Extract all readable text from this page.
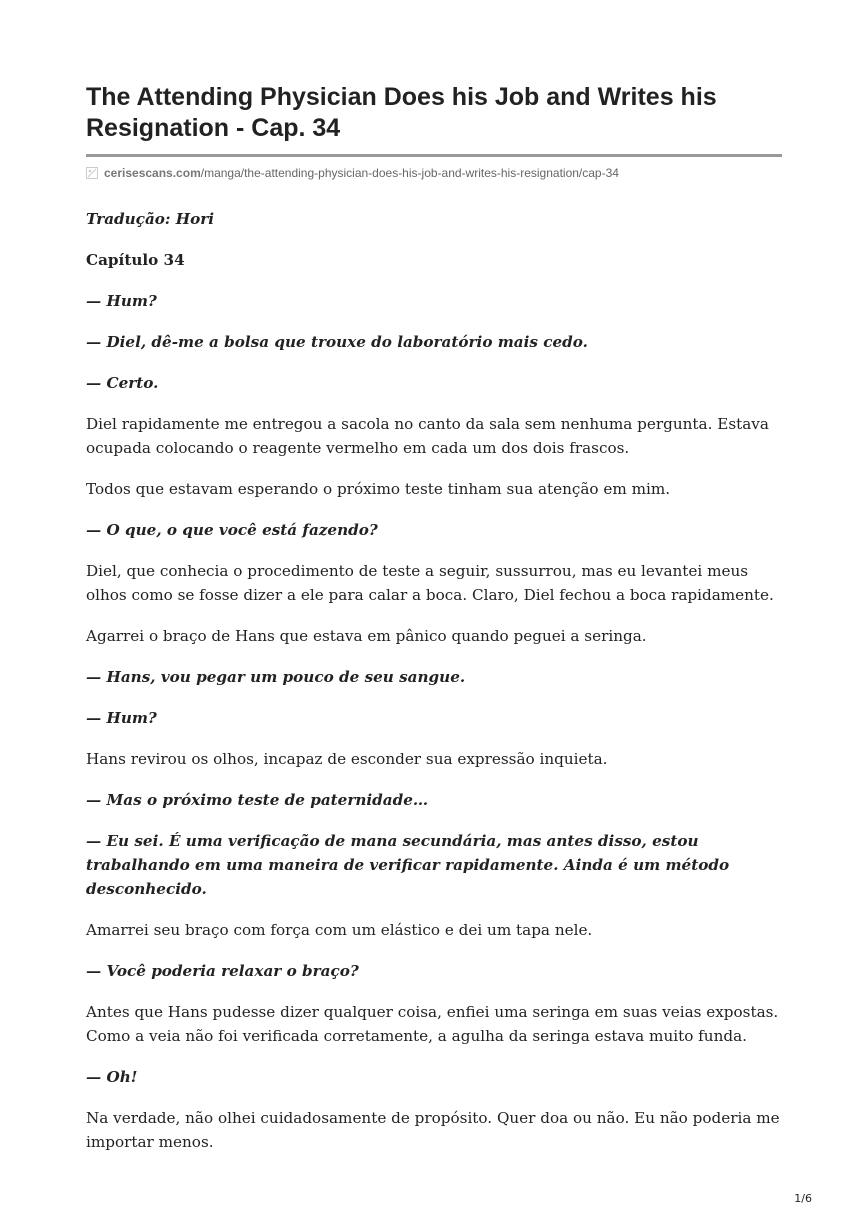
The Attending Physician Does his Job and Writes his Resignation - Cap. 34
cerisescans.com /manga/the-attending-physician-does-his-job-and-writes-his-resignation/cap-34

Tradução: Hori

Capítulo 34

— Hum?

— Diel, dê-me a bolsa que trouxe do laboratório mais cedo.

— Certo.

Diel rapidamente me entregou a sacola no canto da sala sem nenhuma pergunta. Estava ocupada colocando o reagente vermelho em cada um dos dois frascos.

Todos que estavam esperando o próximo teste tinham sua atenção em mim.

— O que, o que você está fazendo?

Diel, que conhecia o procedimento de teste a seguir, sussurrou, mas eu levantei meus olhos como se fosse dizer a ele para calar a boca. Claro, Diel fechou a boca rapidamente.

Agarrei o braço de Hans que estava em pânico quando peguei a seringa.

— Hans, vou pegar um pouco de seu sangue.

— Hum?

Hans revirou os olhos, incapaz de esconder sua expressão inquieta.

— Mas o próximo teste de paternidade…

— Eu sei. É uma verificação de mana secundária, mas antes disso, estou trabalhando em uma maneira de verificar rapidamente. Ainda é um método desconhecido.

Amarrei seu braço com força com um elástico e dei um tapa nele.

— Você poderia relaxar o braço?

Antes que Hans pudesse dizer qualquer coisa, enfiei uma seringa em suas veias expostas. Como a veia não foi verificada corretamente, a agulha da seringa estava muito funda.

— Oh!

Na verdade, não olhei cuidadosamente de propósito. Quer doa ou não. Eu não poderia me importar menos.

1/6
